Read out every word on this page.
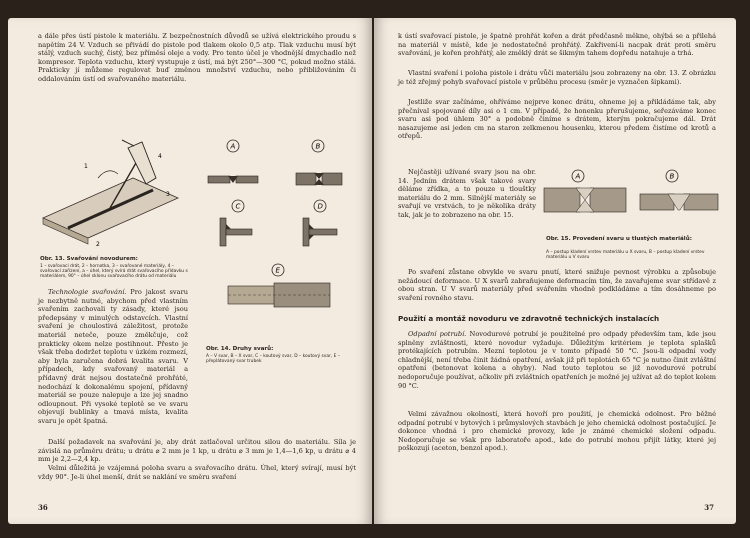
a dále přes ústí pistole k materiálu. Z bezpečnostních důvodů se užívá elektrického proudu s napětím 24 V. Vzduch se přivádí do pistole pod tlakem okolo 0,5 atp. Tlak vzduchu musí být stálý, vzduch suchý, čistý, bez příměsí oleje a vody. Pro tento účel je vhodnější dmychadlo než kompresor. Teplota vzduchu, který vystupuje z ústí, má být 250°—300 °C, pokud možno stálá. Prakticky jí můžeme regulovat buď změnou množství vzduchu, nebo přibližováním či oddalováním ústí od svařovaného materiálu.
1
4
3
2
Obr. 13. Svařování novodurem:
1 – svařovací drát, 2 – hornotka, 3 – svařované materiály, 4 – svařovací zařízení, a – úhel, který svírá drát svařovacího přídavku s materiálem, 90° – úhel sklonu svařovacího drátu od materiálu
A	B
C	D
E
Obr. 14. Druhy svarů:
A – V svar, B – X svar, C – koutový svar, D – koutový svar, E – přeplátovaný svar trubek

Technologie svařování. Pro jakost svaru je nezbytně nutné, abychom před vlastním svařením zachovali ty zásady, které jsou předepsány v minulých odstavcích. Vlastní svaření je choulostivá záležitost, protože materiál neteče, pouze změkčuje, což prakticky okem nelze postihnout. Přesto je však třeba dodržet teplotu v úzkém rozmezí, aby byla zaručena dobrá kvalita svaru. V případech, kdy svařovaný materiál a přídavný drát nejsou dostatečně prohřáté, nedochází k dokonalému spojení, přídavný materiál se pouze nalepuje a lze jej snadno odloupnout. Při vysoké teplotě se ve svaru objevují bublinky a tmavá místa, kvalita svaru je opět špatná.

Další požadavek na svařování je, aby drát zatlačoval určitou silou do materiálu. Síla je závislá na průměru drátu; u drátu ⌀ 2 mm je 1 kp, u drátu ⌀ 3 mm je 1,4—1,6 kp, u drátu ⌀ 4 mm je 2,2—2,4 kp.
Velmi důležitá je vzájemná poloha svaru a svařovacího drátu. Úhel, který svírají, musí být vždy 90°. Je-li úhel menší, drát se naklání ve směru svaření
36
k ústí svařovací pistole, je špatně prohřát kořen a drát předčasně měkne, ohýbá se a přilehá na materiál v místě, kde je nedostatečně prohřátý. Zakřivení-li nacpak drát proti směru svařování, je kořen prohřátý, ale změklý drát se šikmým tahem dopředu natahuje a trhá.
Vlastní svaření i poloha pistole i drátu vůči materiálu jsou zobrazeny na obr. 13. Z obrázku je též zřejmý pohyb svařovací pistole v průběhu procesu (směr je vyznačen šipkami).
Jestliže svar začínáme, ohříváme nejprve konec drátu, ohneme jej a přikládáme tak, aby přečníval spojované díly asi o 1 cm. V případě, že honenku přerušujeme, seřezáváme konec svaru asi pod úhlem 30° a podobně činíme s drátem, kterým pokračujeme dál. Drát nasazujeme asi jeden cm na staron zelkmenou housenku, kterou předem čistíme od krotů a otřepů.
Nejčastěji užívané svary jsou na obr. 14. Jedním drátem však takové svary děláme zřídka, a to pouze u tlouštky materiálu do 2 mm. Silnější materiály se svařují ve vrstvách, to je několika dráty tak, jak je to zobrazeno na obr. 15.
A	B
Obr. 15. Provedení svaru u tlustých materiálů:
A – postup kladení vrstev materiálu u X svaru, B – postup kladení vrstev materiálu u V svaru
Po svaření zůstane obvykle ve svaru pnutí, které snižuje pevnost výrobku a způsobuje nežádoucí deformace. U X svarů zabraňujeme deformacím tím, že zavařujeme svar střídavě z obou stran. U V svarů materiály před svářením vhodně podkládáme a tím dosáhneme po svaření rovného stavu.
Použití a montáž novoduru ve zdravotně technických instalacích

Odpadní potrubí. Novodurové potrubí je použitelné pro odpady především tam, kde jsou splněny zvláštnosti, které novodur vyžaduje. Důležitým kritériem je teplota splašků protékajících potrubím. Mezní teplotou je v tomto případě 50 °C. Jsou-li odpadní vody chladnější, není třeba činit žádná opatření, avšak již při teplotách 65 °C je nutno činit zvláštní opatření (betonovat kolena a ohyby). Nad touto teplotou se již novodurové potrubí nedoporučuje používat, ačkoliv při zvláštních opatřeních je možné jej užívat až do teplot kolem 90 °C.

Velmi závažnou okolností, která hovoří pro použití, je chemická odolnost. Pro běžné odpadní potrubí v bytových i průmyslových stavbách je jeho chemická odolnost postačující. Je dokonce vhodná i pro chemické provozy, kde je známé chemické složení odpadu. Nedoporučuje se však pro laboratoře apod., kde do potrubí mohou přijít látky, které jej poškozují (aceton, benzol apod.).
37
